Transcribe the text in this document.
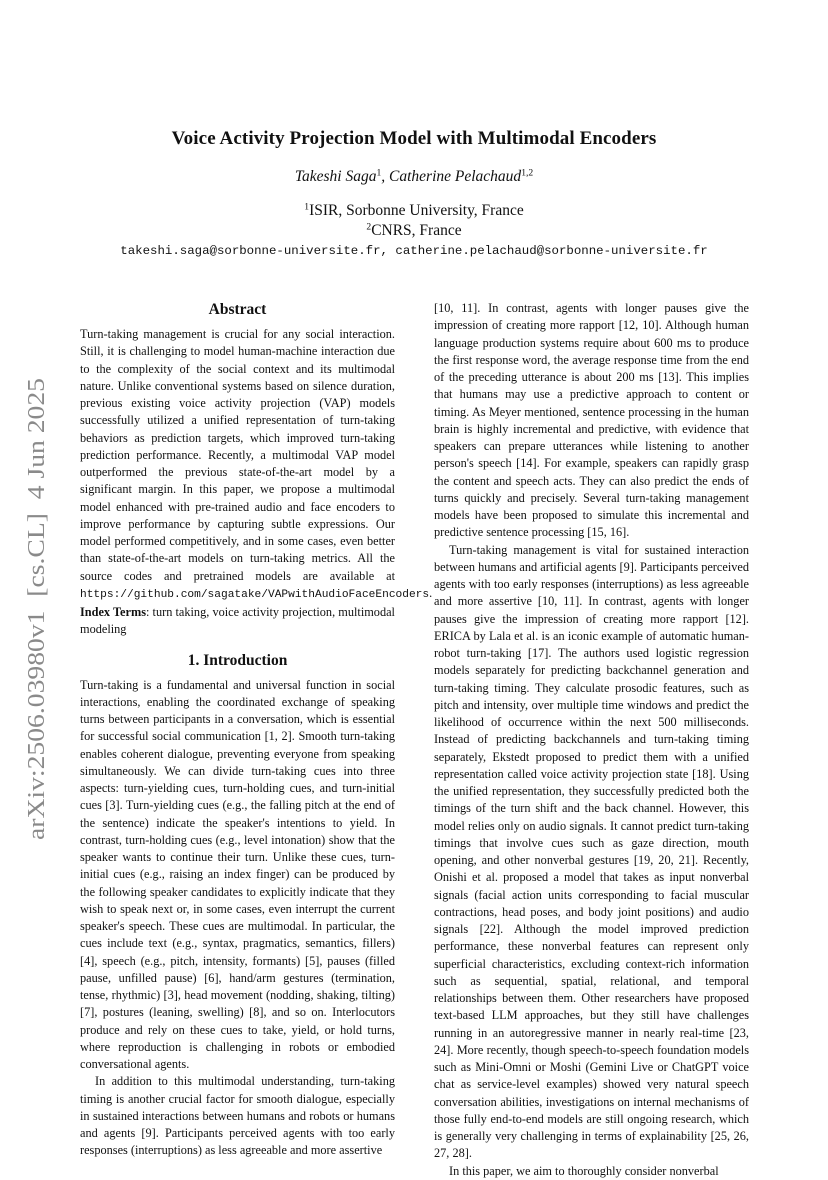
arXiv:2506.03980v1  [cs.CL]  4 Jun 2025
Voice Activity Projection Model with Multimodal Encoders
Takeshi Saga$^1$, Catherine Pelachaud$^{1,2}$
$^1$ISIR, Sorbonne University, France
$^2$CNRS, France
takeshi.saga@sorbonne-universite.fr, catherine.pelachaud@sorbonne-universite.fr
Abstract

Turn-taking management is crucial for any social interaction. Still, it is challenging to model human-machine interaction due to the complexity of the social context and its multimodal nature. Unlike conventional systems based on silence duration, previous existing voice activity projection (VAP) models successfully utilized a unified representation of turn-taking behaviors as prediction targets, which improved turn-taking prediction performance. Recently, a multimodal VAP model outperformed the previous state-of-the-art model by a significant margin. In this paper, we propose a multimodal model enhanced with pre-trained audio and face encoders to improve performance by capturing subtle expressions. Our model performed competitively, and in some cases, even better than state-of-the-art models on turn-taking metrics. All the source codes and pretrained models are available at https://github.com/sagatake/VAPwithAudioFaceEncoders.

Index Terms: turn taking, voice activity projection, multimodal modeling

1. Introduction

Turn-taking is a fundamental and universal function in social interactions, enabling the coordinated exchange of speaking turns between participants in a conversation, which is essential for successful social communication [1, 2]. Smooth turn-taking enables coherent dialogue, preventing everyone from speaking simultaneously. We can divide turn-taking cues into three aspects: turn-yielding cues, turn-holding cues, and turn-initial cues [3]. Turn-yielding cues (e.g., the falling pitch at the end of the sentence) indicate the speaker's intentions to yield. In contrast, turn-holding cues (e.g., level intonation) show that the speaker wants to continue their turn. Unlike these cues, turn-initial cues (e.g., raising an index finger) can be produced by the following speaker candidates to explicitly indicate that they wish to speak next or, in some cases, even interrupt the current speaker's speech. These cues are multimodal. In particular, the cues include text (e.g., syntax, pragmatics, semantics, fillers) [4], speech (e.g., pitch, intensity, formants) [5], pauses (filled pause, unfilled pause) [6], hand/arm gestures (termination, tense, rhythmic) [3], head movement (nodding, shaking, tilting) [7], postures (leaning, swelling) [8], and so on. Interlocutors produce and rely on these cues to take, yield, or hold turns, where reproduction is challenging in robots or embodied conversational agents.

In addition to this multimodal understanding, turn-taking timing is another crucial factor for smooth dialogue, especially in sustained interactions between humans and robots or humans and agents [9]. Participants perceived agents with too early responses (interruptions) as less agreeable and more assertive

[10, 11]. In contrast, agents with longer pauses give the impression of creating more rapport [12, 10]. Although human language production systems require about 600 ms to produce the first response word, the average response time from the end of the preceding utterance is about 200 ms [13]. This implies that humans may use a predictive approach to content or timing. As Meyer mentioned, sentence processing in the human brain is highly incremental and predictive, with evidence that speakers can prepare utterances while listening to another person's speech [14]. For example, speakers can rapidly grasp the content and speech acts. They can also predict the ends of turns quickly and precisely. Several turn-taking management models have been proposed to simulate this incremental and predictive sentence processing [15, 16].

Turn-taking management is vital for sustained interaction between humans and artificial agents [9]. Participants perceived agents with too early responses (interruptions) as less agreeable and more assertive [10, 11]. In contrast, agents with longer pauses give the impression of creating more rapport [12]. ERICA by Lala et al. is an iconic example of automatic human-robot turn-taking [17]. The authors used logistic regression models separately for predicting backchannel generation and turn-taking timing. They calculate prosodic features, such as pitch and intensity, over multiple time windows and predict the likelihood of occurrence within the next 500 milliseconds. Instead of predicting backchannels and turn-taking timing separately, Ekstedt proposed to predict them with a unified representation called voice activity projection state [18]. Using the unified representation, they successfully predicted both the timings of the turn shift and the back channel. However, this model relies only on audio signals. It cannot predict turn-taking timings that involve cues such as gaze direction, mouth opening, and other nonverbal gestures [19, 20, 21]. Recently, Onishi et al. proposed a model that takes as input nonverbal signals (facial action units corresponding to facial muscular contractions, head poses, and body joint positions) and audio signals [22]. Although the model improved prediction performance, these nonverbal features can represent only superficial characteristics, excluding context-rich information such as sequential, spatial, relational, and temporal relationships between them. Other researchers have proposed text-based LLM approaches, but they still have challenges running in an autoregressive manner in nearly real-time [23, 24]. More recently, though speech-to-speech foundation models such as Mini-Omni or Moshi (Gemini Live or ChatGPT voice chat as service-level examples) showed very natural speech conversation abilities, investigations on internal mechanisms of those fully end-to-end models are still ongoing research, which is generally very challenging in terms of explainability [25, 26, 27, 28].

In this paper, we aim to thoroughly consider nonverbal
